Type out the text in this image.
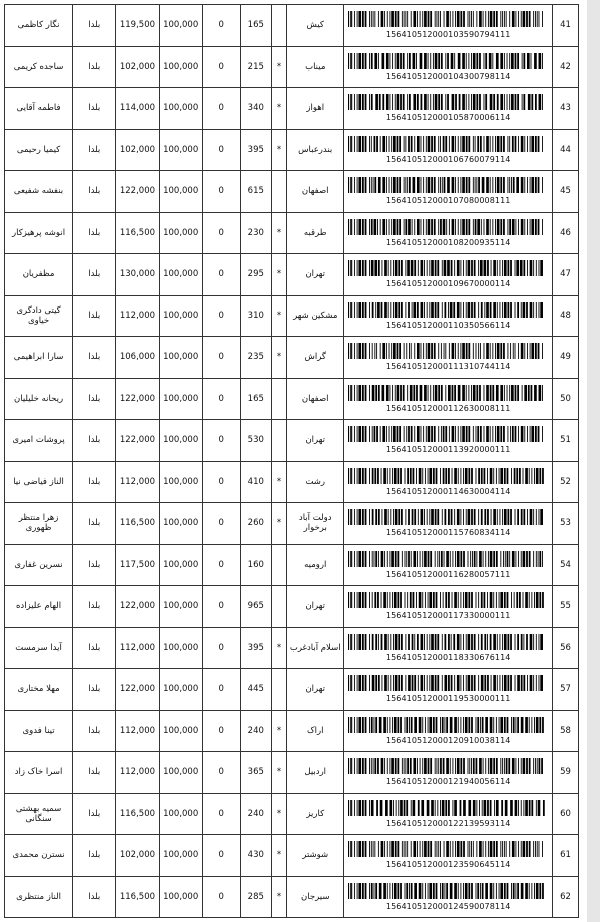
نگار کاظمی	بلدا	119,500	100,000	0	165		کیش	156410512000103590794111	41
ساجده کریمی	بلدا	102,000	100,000	0	215	*	میناب	156410512000104300798114	42
فاطمه آقایی	بلدا	114,000	100,000	0	340	*	اهواز	156410512000105870006114	43
کیمیا رحیمی	بلدا	102,000	100,000	0	395	*	بندرعباس	156410512000106760079114	44
بنفشه شفیعی	بلدا	122,000	100,000	0	615		اصفهان	156410512000107080008111	45
انوشه پرهیزکار	بلدا	116,500	100,000	0	230	*	طرقبه	156410512000108200935114	46
مظفریان	بلدا	130,000	100,000	0	295	*	تهران	156410512000109670000114	47
گیتی دادگری خیاوی	بلدا	112,000	100,000	0	310	*	مشکین شهر	156410512000110350566114	48
سارا ابراهیمی	بلدا	106,000	100,000	0	235	*	گراش	156410512000111310744114	49
ریحانه خلیلیان	بلدا	122,000	100,000	0	165		اصفهان	156410512000112630008111	50
پروشات امیری	بلدا	122,000	100,000	0	530		تهران	156410512000113920000111	51
الناز فیاضی نیا	بلدا	112,000	100,000	0	410	*	رشت	156410512000114630004114	52
زهرا منتظر ظهوری	بلدا	116,500	100,000	0	260	*	دولت آباد برخوار	156410512000115760834114	53
نسرین غفاری	بلدا	117,500	100,000	0	160		ارومیه	156410512000116280057111	54
الهام علیزاده	بلدا	122,000	100,000	0	965		تهران	156410512000117330000111	55
آیدا سرمست	بلدا	112,000	100,000	0	395	*	اسلام آبادغرب	156410512000118330676114	56
مهلا مختاری	بلدا	122,000	100,000	0	445		تهران	156410512000119530000111	57
تینا فدوی	بلدا	112,000	100,000	0	240	*	اراک	156410512000120910038114	58
اسرا خاک زاد	بلدا	112,000	100,000	0	365	*	اردبیل	156410512000121940056114	59
سمیه بهشتی سنگانی	بلدا	116,500	100,000	0	240	*	کاریز	156410512000122139593114	60
نسترن محمدی	بلدا	102,000	100,000	0	430	*	شوشتر	156410512000123590645114	61
الناز منتظری	بلدا	116,500	100,000	0	285	*	سیرجان	156410512000124590078114	62
